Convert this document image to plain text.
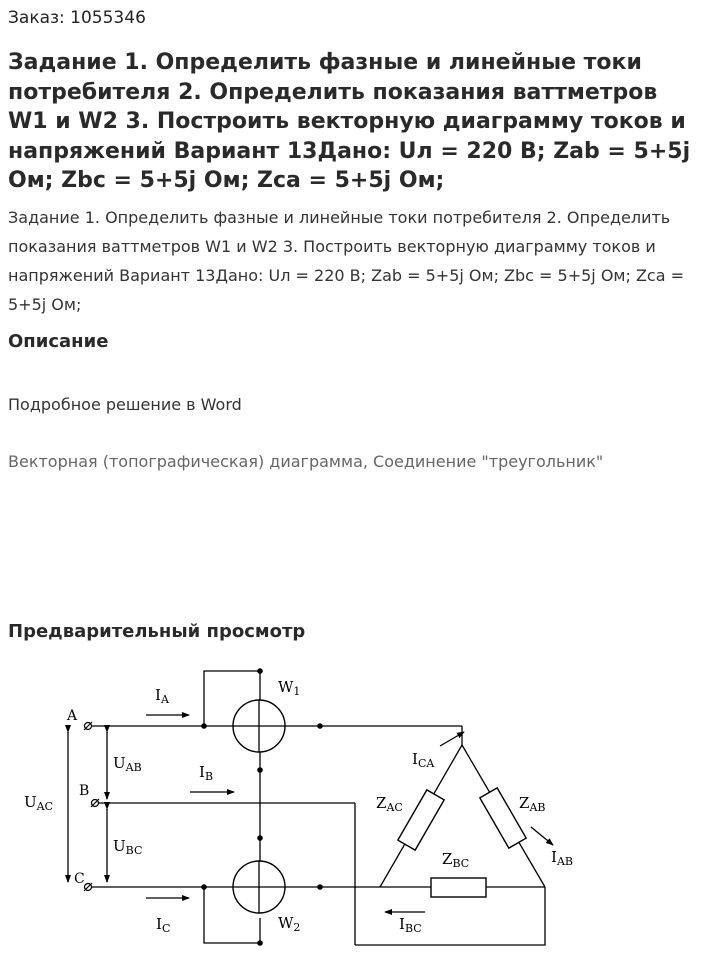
Заказ: 1055346
Задание 1. Определить фазные и линейные токи потребителя 2. Определить показания ваттметров W1 и W2 3. Построить векторную диаграмму токов и напряжений Вариант 13Дано: Uл = 220 В; Zab = 5+5j Ом; Zbc = 5+5j Ом; Zca = 5+5j Ом;
Задание 1. Определить фазные и линейные токи потребителя 2. Определить показания ваттметров W1 и W2 3. Построить векторную диаграмму токов и напряжений Вариант 13Дано: Uл = 220 В; Zab = 5+5j Ом; Zbc = 5+5j Ом; Zca = 5+5j Ом;
Описание
Подробное решение в Word
Векторная (топографическая) диаграмма, Соединение "треугольник"
Предварительный просмотр
A
B
C
$I_A$
$I_B$
$I_C$
$U_{AB}$
$U_{BC}$
$U_{AC}$
$W_1$
$W_2$
$I_{CA}$
$I_{AB}$
$I_{BC}$
$Z_{AC}$	$Z_{AB}$
$Z_{BC}$
